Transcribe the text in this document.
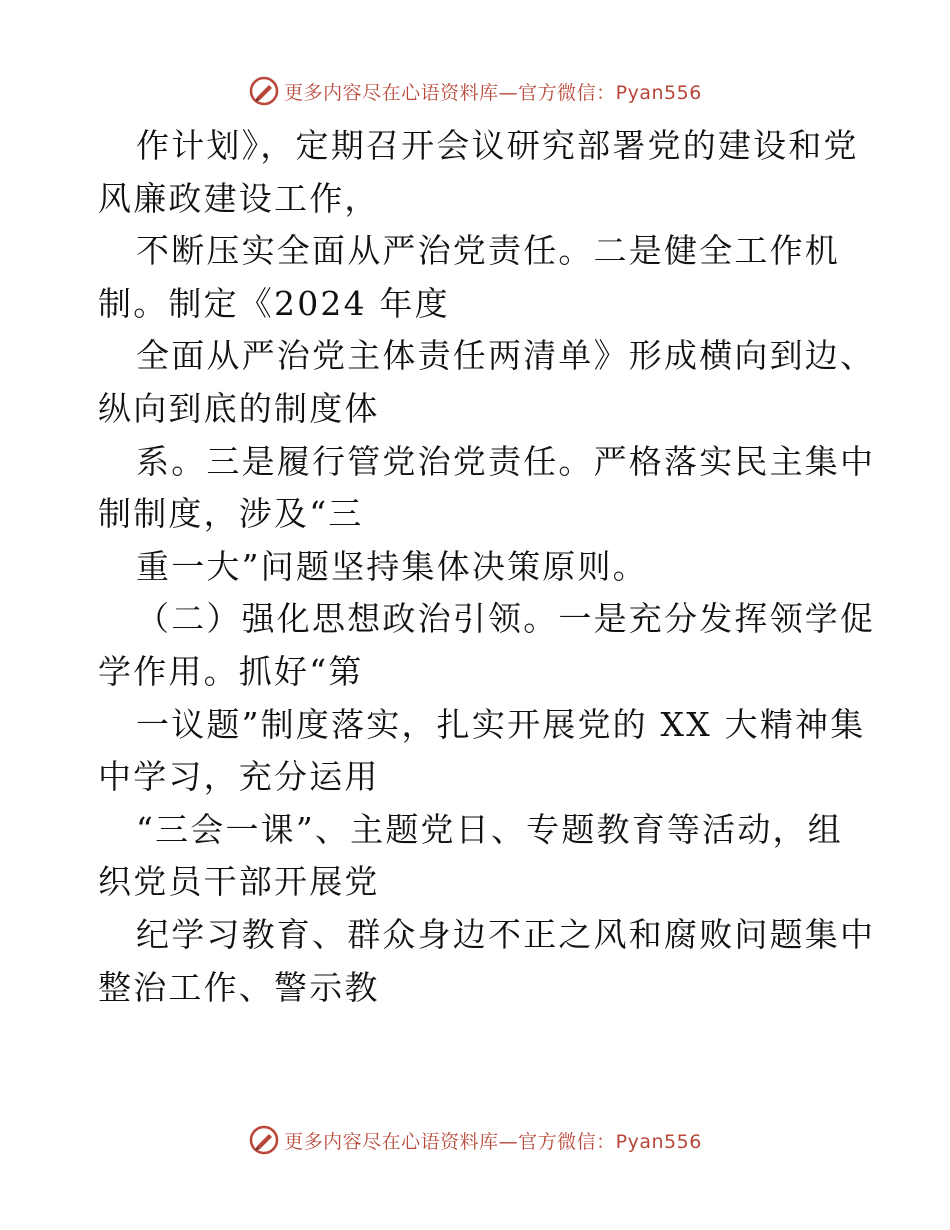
更多内容尽在心语资料库—官方微信：Pyan556
作计划》，定期召开会议研究部署党的建设和党
风廉政建设工作，
不断压实全面从严治党责任。二是健全工作机
制。制定《2024 年度
全面从严治党主体责任两清单》形成横向到边、
纵向到底的制度体
系。三是履行管党治党责任。严格落实民主集中
制制度，涉及“三
重一大”问题坚持集体决策原则。
（二）强化思想政治引领。一是充分发挥领学促
学作用。抓好“第
一议题”制度落实，扎实开展党的 XX 大精神集
中学习，充分运用
“三会一课”、主题党日、专题教育等活动，组
织党员干部开展党
纪学习教育、群众身边不正之风和腐败问题集中
整治工作、警示教
更多内容尽在心语资料库—官方微信：Pyan556
